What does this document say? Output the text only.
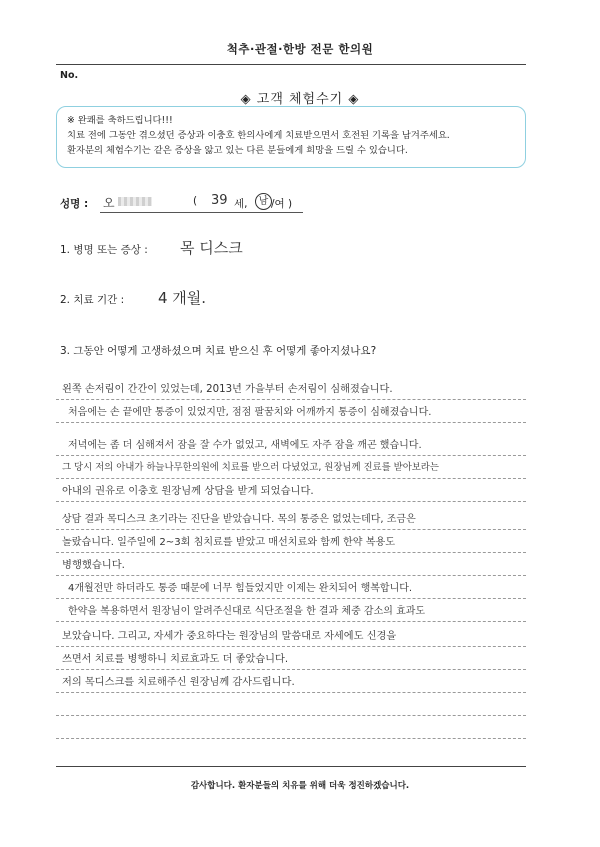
척추·관절·한방 전문 한의원
No.
◈ 고객 체험수기 ◈
※ 완쾌를 축하드립니다!!!
치료 전에 그동안 겪으셨던 증상과 이충호 한의사에게 치료받으면서 호전된 기록을 남겨주세요.
환자분의 체험수기는 같은 증상을 앓고 있는 다른 분들에게 희망을 드릴 수 있습니다.
성명 : 오	( 39 세,	남 /여 )
1. 병명 또는 증상 : 목 디스크
2. 치료 기간 : 4 개월.
3. 그동안 어떻게 고생하셨으며 치료 받으신 후 어떻게 좋아지셨나요?
왼쪽 손저림이 간간이 있었는데, 2013년 가을부터 손저림이 심해졌습니다.
처음에는 손 끝에만 통증이 있었지만, 점점 팔꿈치와 어깨까지 통증이 심해졌습니다.
저녁에는 좀 더 심해져서 잠을 잘 수가 없었고, 새벽에도 자주 잠을 깨곤 했습니다.
그 당시 저의 아내가 하늘나무한의원에 치료를 받으러 다녔었고, 원장님께 진료를 받아보라는
아내의 권유로 이충호 원장님께 상담을 받게 되었습니다.
상담 결과 목디스크 초기라는 진단을 받았습니다. 목의 통증은 없었는데다, 조금은
놀랐습니다. 일주일에 2~3회 침치료를 받았고 매선치료와 함께 한약 복용도
병행했습니다.
4개월전만 하더라도 통증 때문에 너무 힘들었지만 이제는 완치되어 행복합니다.
한약을 복용하면서 원장님이 알려주신대로 식단조절을 한 결과 체중 감소의 효과도
보았습니다. 그리고, 자세가 중요하다는 원장님의 말씀대로 자세에도 신경을
쓰면서 치료를 병행하니 치료효과도 더 좋았습니다.
저의 목디스크를 치료해주신 원장님께 감사드립니다.
감사합니다. 환자분들의 치유를 위해 더욱 정진하겠습니다.
